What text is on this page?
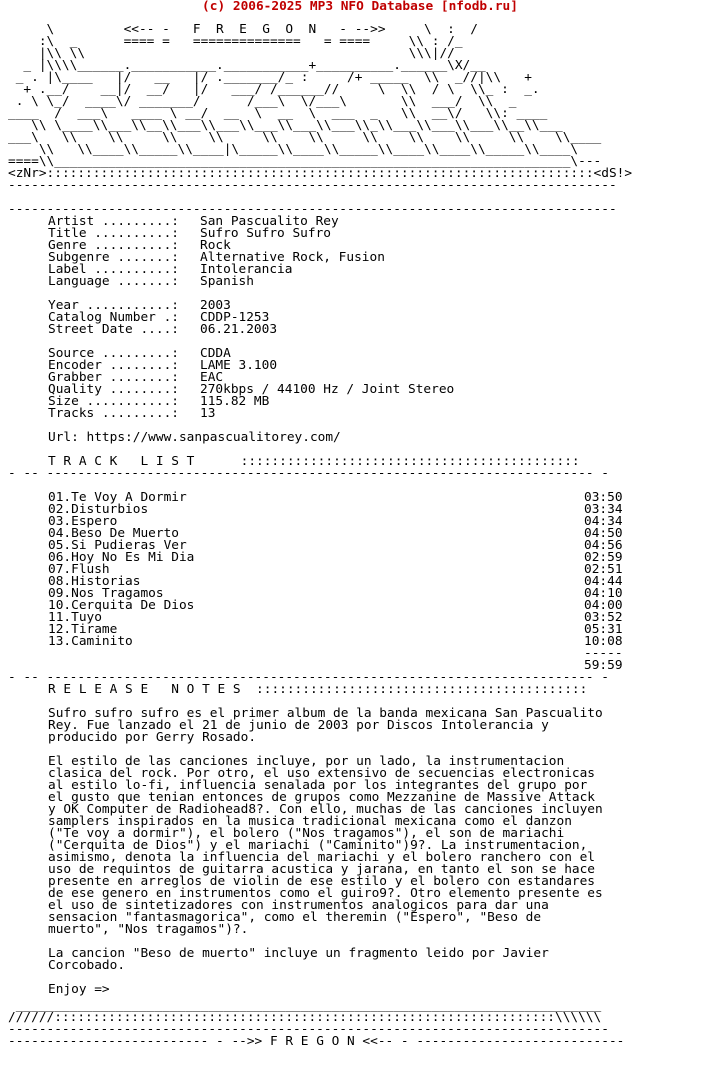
(c) 2006-2025 MP3 NFO Database [nfodb.ru]
\         <<-- -   F  R  E  G  O  N   - -->>     \  :  /
:\  _      ==== =   ==============   = ====     \\ : /_
|\\ \\                                          \\\|//
_ |\\\\______.___________.___________+__________.______\X/__
_ . |\____   |/   __   |/ ._______/_ :     /+ _____  \\  _//|\\   +
+ .__/    __|/  __/   |/   ___/ /______//     \  \\  / \  \\_ :  _.
. \ \_/  ____\/ _______/      /___\  \/___\       \\  ___/  \\  _
____  /  ___\   ____ \ __/  __  \  __  \  ___  _   \\  __\/   \\: ____
\\ \____\\___\\__\\___\\___\\___\\___\\___\\_\\___\\___\\___\\__\\___
___\   \\    \\     \\    \\     \\    \\     \\    \\    \\     \\    \\____
\\   \\____\\_____\\____|\_____\\____\\_____\\____\\____\\_____\\____\
====\\___________________________________________________________________\---
<zNr>:::::::::::::::::::::::::::::::::::::::::::::::::::::::::::::::::::::::<dS!>
-------------------------------------------------------------------------------

-------------------------------------------------------------------------------
Artist .........: San Pascualito Rey
Title ..........: Sufro Sufro Sufro
Genre ..........: Rock
Subgenre .......: Alternative Rock, Fusion
Label ..........: Intolerancia
Language .......: Spanish

Year ...........: 2003
Catalog Number .: CDDP-1253
Street Date ....: 06.21.2003

Source .........: CDDA
Encoder ........: LAME 3.100
Grabber ........: EAC
Quality ........: 270kbps / 44100 Hz / Joint Stereo
Size ...........: 115.82 MB
Tracks .........: 13

Url: https://www.sanpascualitorey.com/
T R A C K   L I S T      ::::::::::::::::::::::::::::::::::::::::::::
- -- ----------------------------------------------------------------------- -

01.Te Voy A Dormir	03:50
02.Disturbios	03:34
03.Espero	04:34
04.Beso De Muerto	04:50
05.Si Pudieras Ver	04:56
06.Hoy No Es Mi Dia	02:59
07.Flush	02:51
08.Historias	04:44
09.Nos Tragamos	04:10
10.Cerquita De Dios	04:00
11.Tuyo	03:52
12.Tirame	05:31
13.Caminito	10:08
-----
59:59
- -- ----------------------------------------------------------------------- -
R E L E A S E   N O T E S  :::::::::::::::::::::::::::::::::::::::::::

Sufro sufro sufro es el primer album de la banda mexicana San Pascualito Rey. Fue lanzado el 21 de junio de 2003 por Discos Intolerancia y producido por Gerry Rosado.

El estilo de las canciones incluye, por un lado, la instrumentacion clasica del rock. Por otro, el uso extensivo de secuencias electronicas al estilo lo-fi, influencia senalada por los integrantes del grupo por el gusto que tenian entonces de grupos como Mezzanine de Massive Attack y OK Computer de Radiohead8?. Con ello, muchas de las canciones incluyen samplers inspirados en la musica tradicional mexicana como el danzon ("Te voy a dormir"), el bolero ("Nos tragamos"), el son de mariachi ("Cerquita de Dios") y el mariachi ("Caminito")9?. La instrumentacion, asimismo, denota la influencia del mariachi y el bolero ranchero con el uso de requintos de guitarra acustica y jarana, en tanto el son se hace presente en arreglos de violin de ese estilo y el bolero con estandares de ese genero en instrumentos como el guiro9?. Otro elemento presente es el uso de sintetizadores con instrumentos analogicos para dar una sensacion "fantasmagorica", como el theremin ("Espero", "Beso de muerto", "Nos tragamos")?.

La cancion "Beso de muerto" incluye un fragmento leido por Javier Corcobado.

Enjoy =>

____________________________________________________________________________
//////:::::::::::::::::::::::::::::::::::::::::::::::::::::::::::::::::\\\\\\
------------------------------------------------------------------------------
-------------------------- - -->> F R E G O N <<-- - ---------------------------
